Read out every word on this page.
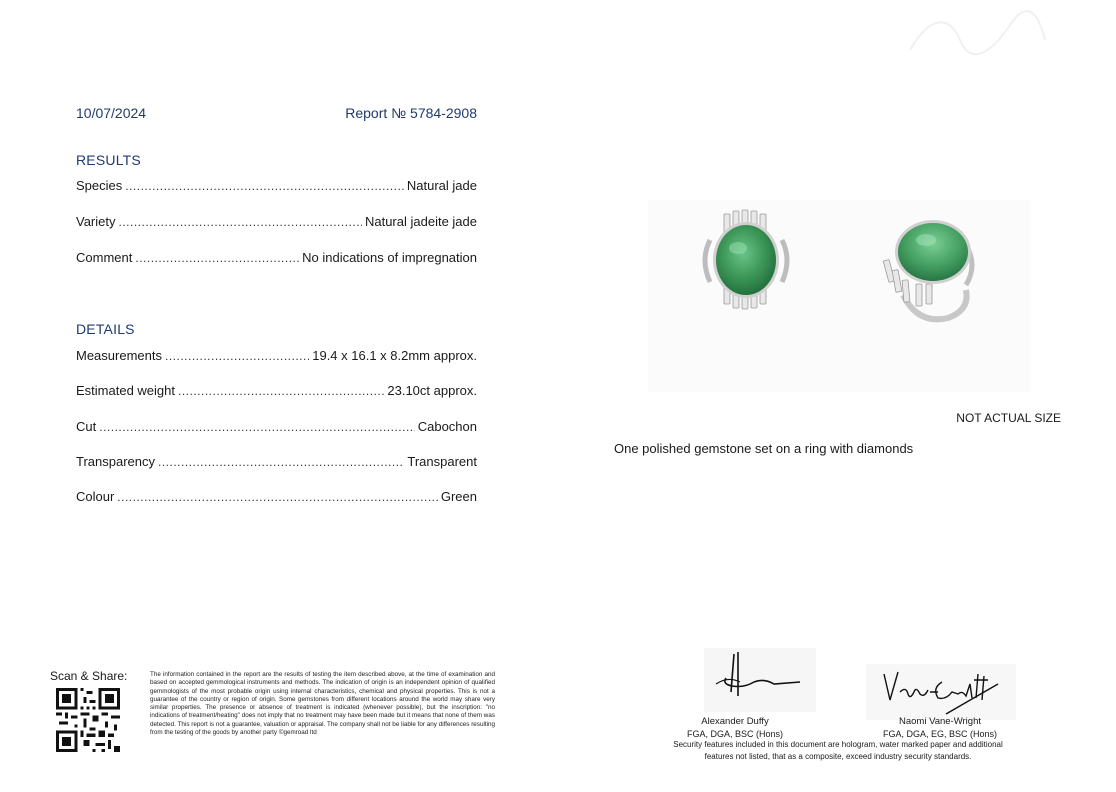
10/07/2024	Report № 5784-2908
RESULTS
Species .....	Natural jade
Variety .....	Natural jadeite jade
Comment .....	No indications of impregnation
DETAILS
Measurements .....	19.4 x 16.1 x 8.2mm approx.
Estimated weight .....	23.10ct approx.
Cut .....	Cabochon
Transparency .....	Transparent
Colour .....	Green
NOT ACTUAL SIZE
One polished gemstone set on a ring with diamonds
Scan & Share:	The information contained in the report are the results of testing the item described above, at the time of examination and based on accepted gemmological instruments and methods. The indication of origin is an independent opinion of qualified gemmologists of the most probable origin using internal characteristics, chemical and physical properties. This is not a guarantee of the country or region of origin. Some gemstones from different locations around the world may share very similar properties. The presence or absence of treatment is indicated (whenever possible), but the inscription: "no indications of treatment/heating" does not imply that no treatment may have been made but it means that none of them was detected. This report is not a guarantee, valuation or appraisal. The company shall not be liable for any differences resulting from the testing of the goods by another party ©gemroad ltd
Alexander Duffy
FGA, DGA, BSC (Hons)
Naomi Vane-Wright
FGA, DGA, EG, BSC (Hons)
Security features included in this document are hologram, water marked paper and additional features not listed, that as a composite, exceed industry security standards.
